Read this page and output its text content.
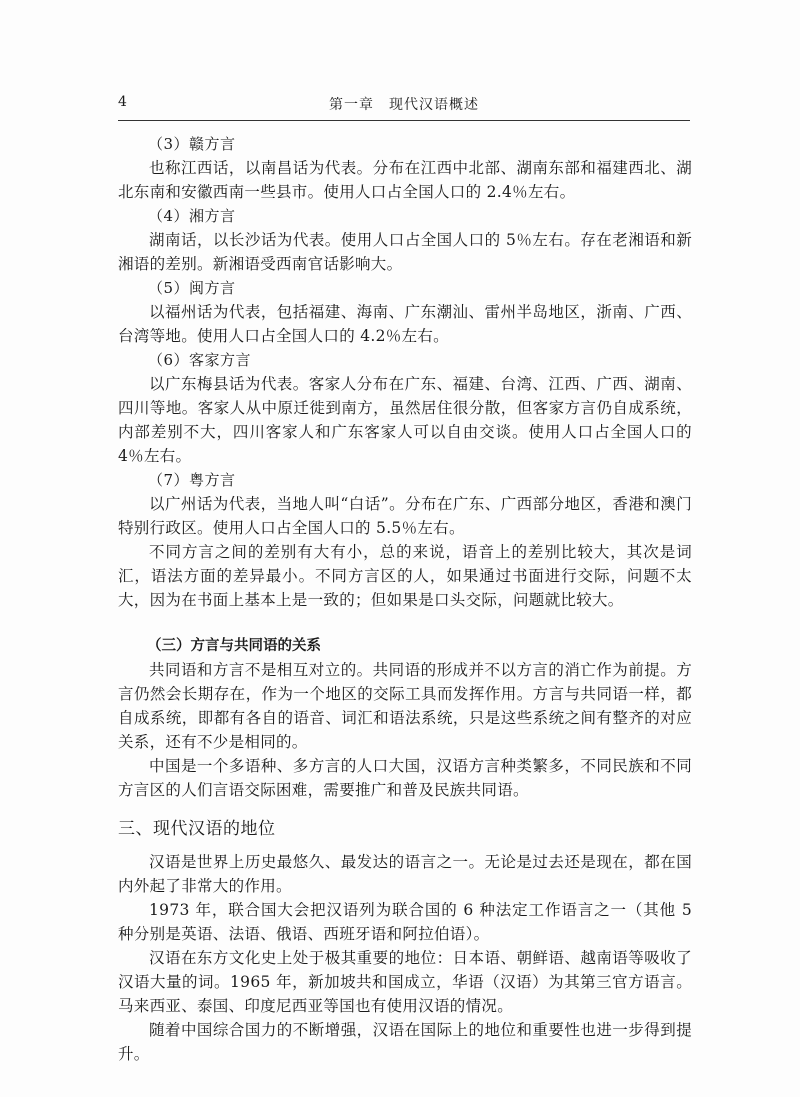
4	第一章　现代汉语概述
（3）赣方言

也称江西话，以南昌话为代表。分布在江西中北部、湖南东部和福建西北、湖北东南和安徽西南一些县市。使用人口占全国人口的 2.4％左右。

（4）湘方言

湖南话，以长沙话为代表。使用人口占全国人口的 5％左右。存在老湘语和新湘语的差别。新湘语受西南官话影响大。

（5）闽方言

以福州话为代表，包括福建、海南、广东潮汕、雷州半岛地区，浙南、广西、台湾等地。使用人口占全国人口的 4.2％左右。

（6）客家方言

以广东梅县话为代表。客家人分布在广东、福建、台湾、江西、广西、湖南、四川等地。客家人从中原迁徙到南方，虽然居住很分散，但客家方言仍自成系统，内部差别不大，四川客家人和广东客家人可以自由交谈。使用人口占全国人口的 4％左右。

（7）粤方言

以广州话为代表，当地人叫“白话”。分布在广东、广西部分地区，香港和澳门特别行政区。使用人口占全国人口的 5.5％左右。

不同方言之间的差别有大有小，总的来说，语音上的差别比较大，其次是词汇，语法方面的差异最小。不同方言区的人，如果通过书面进行交际，问题不太大，因为在书面上基本上是一致的；但如果是口头交际，问题就比较大。

（三）方言与共同语的关系

共同语和方言不是相互对立的。共同语的形成并不以方言的消亡作为前提。方言仍然会长期存在，作为一个地区的交际工具而发挥作用。方言与共同语一样，都自成系统，即都有各自的语音、词汇和语法系统，只是这些系统之间有整齐的对应关系，还有不少是相同的。

中国是一个多语种、多方言的人口大国，汉语方言种类繁多，不同民族和不同方言区的人们言语交际困难，需要推广和普及民族共同语。

三、现代汉语的地位

汉语是世界上历史最悠久、最发达的语言之一。无论是过去还是现在，都在国内外起了非常大的作用。

1973 年，联合国大会把汉语列为联合国的 6 种法定工作语言之一（其他 5 种分别是英语、法语、俄语、西班牙语和阿拉伯语）。

汉语在东方文化史上处于极其重要的地位：日本语、朝鲜语、越南语等吸收了汉语大量的词。1965 年，新加坡共和国成立，华语（汉语）为其第三官方语言。马来西亚、泰国、印度尼西亚等国也有使用汉语的情况。

随着中国综合国力的不断增强，汉语在国际上的地位和重要性也进一步得到提升。
